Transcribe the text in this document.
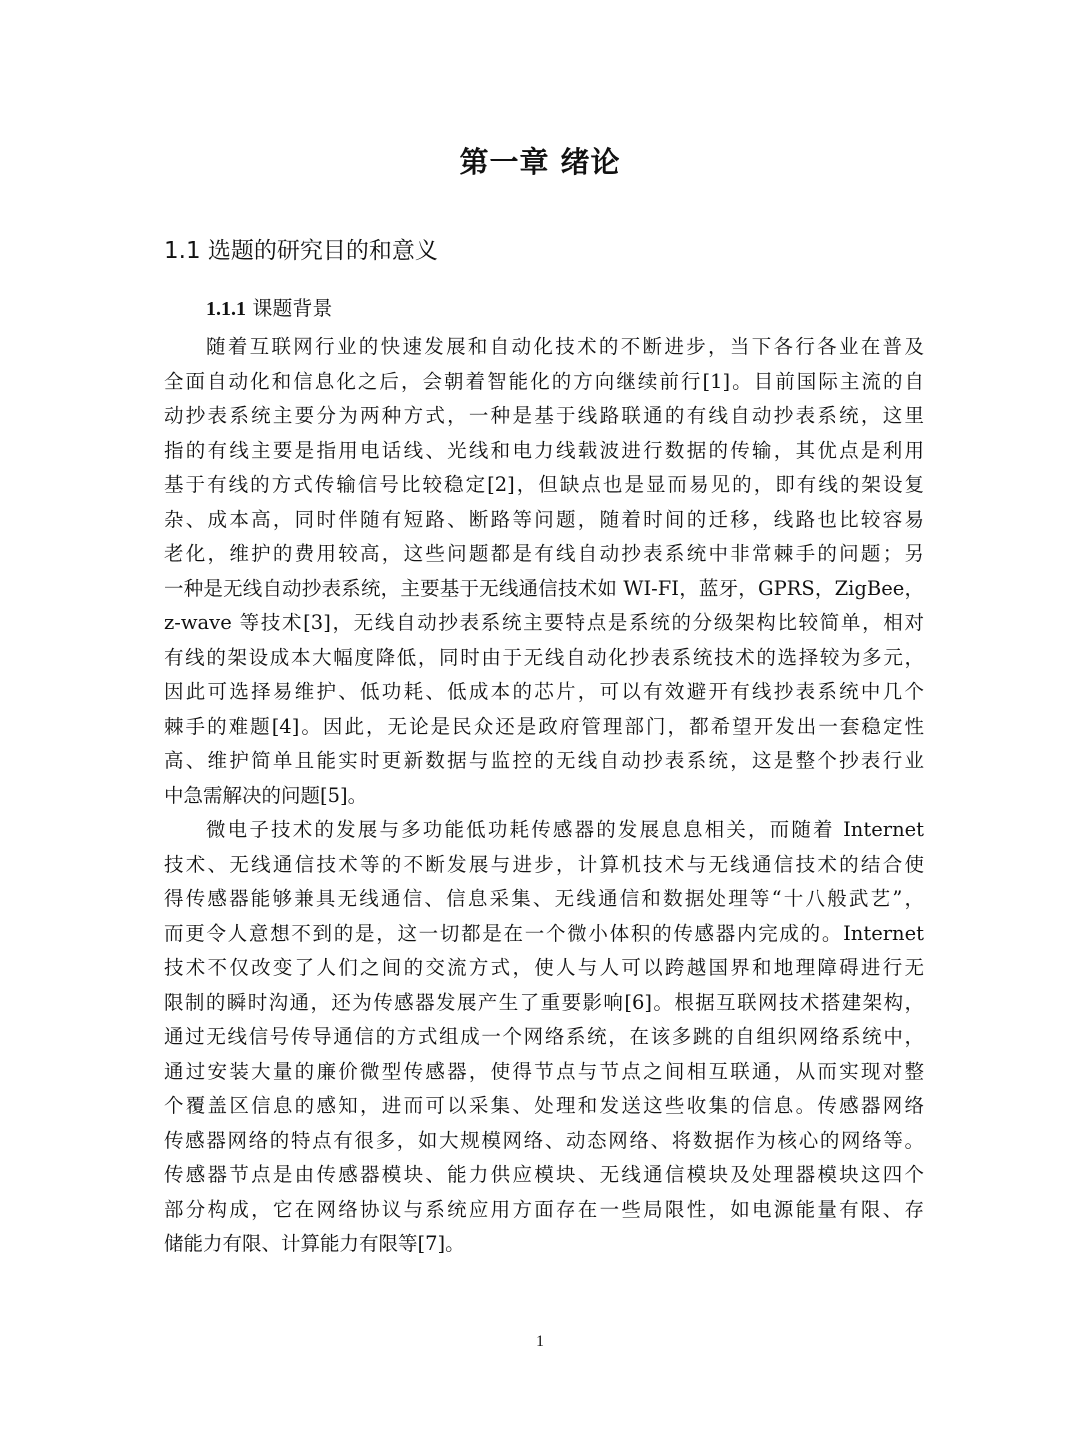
第一章 绪论
1.1 选题的研究目的和意义
1.1.1 课题背景
随着互联网行业的快速发展和自动化技术的不断进步，当下各行各业在普及
全面自动化和信息化之后，会朝着智能化的方向继续前行[1]。目前国际主流的自
动抄表系统主要分为两种方式，一种是基于线路联通的有线自动抄表系统，这里
指的有线主要是指用电话线、光线和电力线载波进行数据的传输，其优点是利用
基于有线的方式传输信号比较稳定[2]，但缺点也是显而易见的，即有线的架设复
杂、成本高，同时伴随有短路、断路等问题，随着时间的迁移，线路也比较容易
老化，维护的费用较高，这些问题都是有线自动抄表系统中非常棘手的问题；另
一种是无线自动抄表系统，主要基于无线通信技术如 WI-FI，蓝牙，GPRS，ZigBee，
z-wave 等技术[3]，无线自动抄表系统主要特点是系统的分级架构比较简单，相对
有线的架设成本大幅度降低，同时由于无线自动化抄表系统技术的选择较为多元，
因此可选择易维护、低功耗、低成本的芯片，可以有效避开有线抄表系统中几个
棘手的难题[4]。因此，无论是民众还是政府管理部门，都希望开发出一套稳定性
高、维护简单且能实时更新数据与监控的无线自动抄表系统，这是整个抄表行业
中急需解决的问题[5]。
微电子技术的发展与多功能低功耗传感器的发展息息相关，而随着 Internet
技术、无线通信技术等的不断发展与进步，计算机技术与无线通信技术的结合使
得传感器能够兼具无线通信、信息采集、无线通信和数据处理等“十八般武艺”，
而更令人意想不到的是，这一切都是在一个微小体积的传感器内完成的。Internet
技术不仅改变了人们之间的交流方式，使人与人可以跨越国界和地理障碍进行无
限制的瞬时沟通，还为传感器发展产生了重要影响[6]。根据互联网技术搭建架构，
通过无线信号传导通信的方式组成一个网络系统，在该多跳的自组织网络系统中，
通过安装大量的廉价微型传感器，使得节点与节点之间相互联通，从而实现对整
个覆盖区信息的感知，进而可以采集、处理和发送这些收集的信息。传感器网络
传感器网络的特点有很多，如大规模网络、动态网络、将数据作为核心的网络等。
传感器节点是由传感器模块、能力供应模块、无线通信模块及处理器模块这四个
部分构成，它在网络协议与系统应用方面存在一些局限性，如电源能量有限、存
储能力有限、计算能力有限等[7]。
1
